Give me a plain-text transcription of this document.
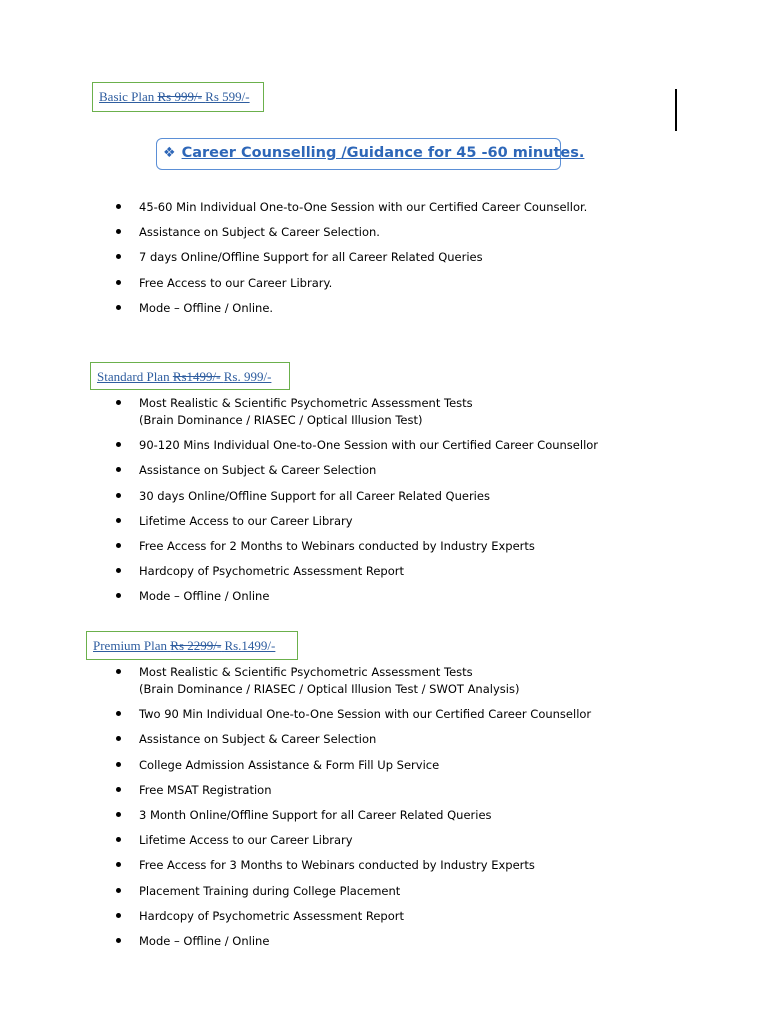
Basic Plan Rs 999/- Rs 599/-
❖ Career Counselling /Guidance for 45 -60 minutes.
45-60 Min Individual One-to-One Session with our Certified Career Counsellor.
Assistance on Subject & Career Selection.
7 days Online/Offline Support for all Career Related Queries
Free Access to our Career Library.
Mode – Offline / Online.
Standard Plan Rs1499/- Rs. 999/-
Most Realistic & Scientific Psychometric Assessment Tests
(Brain Dominance / RIASEC / Optical Illusion Test)
90-120 Mins Individual One-to-One Session with our Certified Career Counsellor
Assistance on Subject & Career Selection
30 days Online/Offline Support for all Career Related Queries
Lifetime Access to our Career Library
Free Access for 2 Months to Webinars conducted by Industry Experts
Hardcopy of Psychometric Assessment Report
Mode – Offline / Online
Premium Plan Rs 2299/- Rs.1499/-
Most Realistic & Scientific Psychometric Assessment Tests
(Brain Dominance / RIASEC / Optical Illusion Test / SWOT Analysis)
Two 90 Min Individual One-to-One Session with our Certified Career Counsellor
Assistance on Subject & Career Selection
College Admission Assistance & Form Fill Up Service
Free MSAT Registration
3 Month Online/Offline Support for all Career Related Queries
Lifetime Access to our Career Library
Free Access for 3 Months to Webinars conducted by Industry Experts
Placement Training during College Placement
Hardcopy of Psychometric Assessment Report
Mode – Offline / Online
